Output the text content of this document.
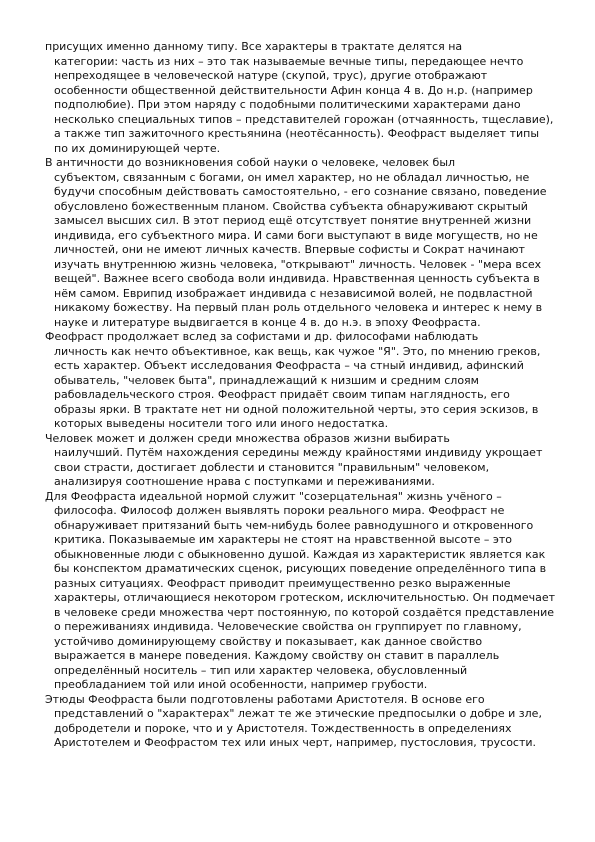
присущих именно данному типу. Все характеры в трактате делятся на

категории: часть из них – это так называемые вечные типы, передающее нечто непреходящее в человеческой натуре (скупой, трус), другие отображают особенности общественной действительности Афин конца 4 в. До н.р. (например подполюбие). При этом наряду с подобными политическими характерами дано несколько специальных типов – представителей горожан (отчаянность, тщеславие), а также тип зажиточного крестьянина (неотёсанность). Феофраст выделяет типы по их доминирующей черте.

В античности до возникновения собой науки о человеке, человек был

субъектом, связанным с богами, он имел характер, но не обладал личностью, не будучи способным действовать самостоятельно, - его сознание связано, поведение обусловлено божественным планом. Свойства субъекта обнаруживают скрытый замысел высших сил. В этот период ещё отсутствует понятие внутренней жизни индивида, его субъектного мира. И сами боги выступают в виде могуществ, но не личностей, они не имеют личных качеств. Впервые софисты и Сократ начинают изучать внутреннюю жизнь человека, "открывают" личность. Человек - "мера всех вещей". Важнее всего свобода воли индивида. Нравственная ценность субъекта в нём самом. Еврипид изображает индивида с независимой волей, не подвластной никакому божеству. На первый план роль отдельного человека и интерес к нему в науке и литературе выдвигается в конце 4 в. до н.э. в эпоху Феофраста.

Феофраст продолжает вслед за софистами и др. философами наблюдать

личность как нечто объективное, как вещь, как чужое "Я". Это, по мнению греков, есть характер. Объект исследования Феофраста – ча стный индивид, афинский обыватель, "человек быта", принадлежащий к низшим и средним слоям рабовладельческого строя. Феофраст придаёт своим типам наглядность, его образы ярки. В трактате нет ни одной положительной черты, это серия эскизов, в которых выведены носители того или иного недостатка.

Человек может и должен среди множества образов жизни выбирать

наилучший. Путём нахождения середины между крайностями индивиду укрощает свои страсти, достигает доблести и становится "правильным" человеком, анализируя соотношение нрава с поступками и переживаниями.

Для Феофраста идеальной нормой служит "созерцательная" жизнь учёного –

философа. Философ должен выявлять пороки реального мира. Феофраст не обнаруживает притязаний быть чем-нибудь более равнодушного и откровенного критика. Показываемые им характеры не стоят на нравственной высоте – это обыкновенные люди с обыкновенно душой. Каждая из характеристик является как бы конспектом драматических сценок, рисующих поведение определённого типа в разных ситуациях. Феофраст приводит преимущественно резко выраженные характеры, отличающиеся некотором гротеском, исключительностью. Он подмечает в человеке среди множества черт постоянную, по которой создаётся представление о переживаниях индивида. Человеческие свойства он группирует по главному, устойчиво доминирующему свойству и показывает, как данное свойство выражается в манере поведения. Каждому свойству он ставит в параллель определённый носитель – тип или характер человека, обусловленный преобладанием той или иной особенности, например грубости.

Этюды Феофраста были подготовлены работами Аристотеля. В основе его

представлений о "характерах" лежат те же этические предпосылки о добре и зле, добродетели и пороке, что и у Аристотеля. Тождественность в определениях Аристотелем и Феофрастом тех или иных черт, например, пустословия, трусости.
